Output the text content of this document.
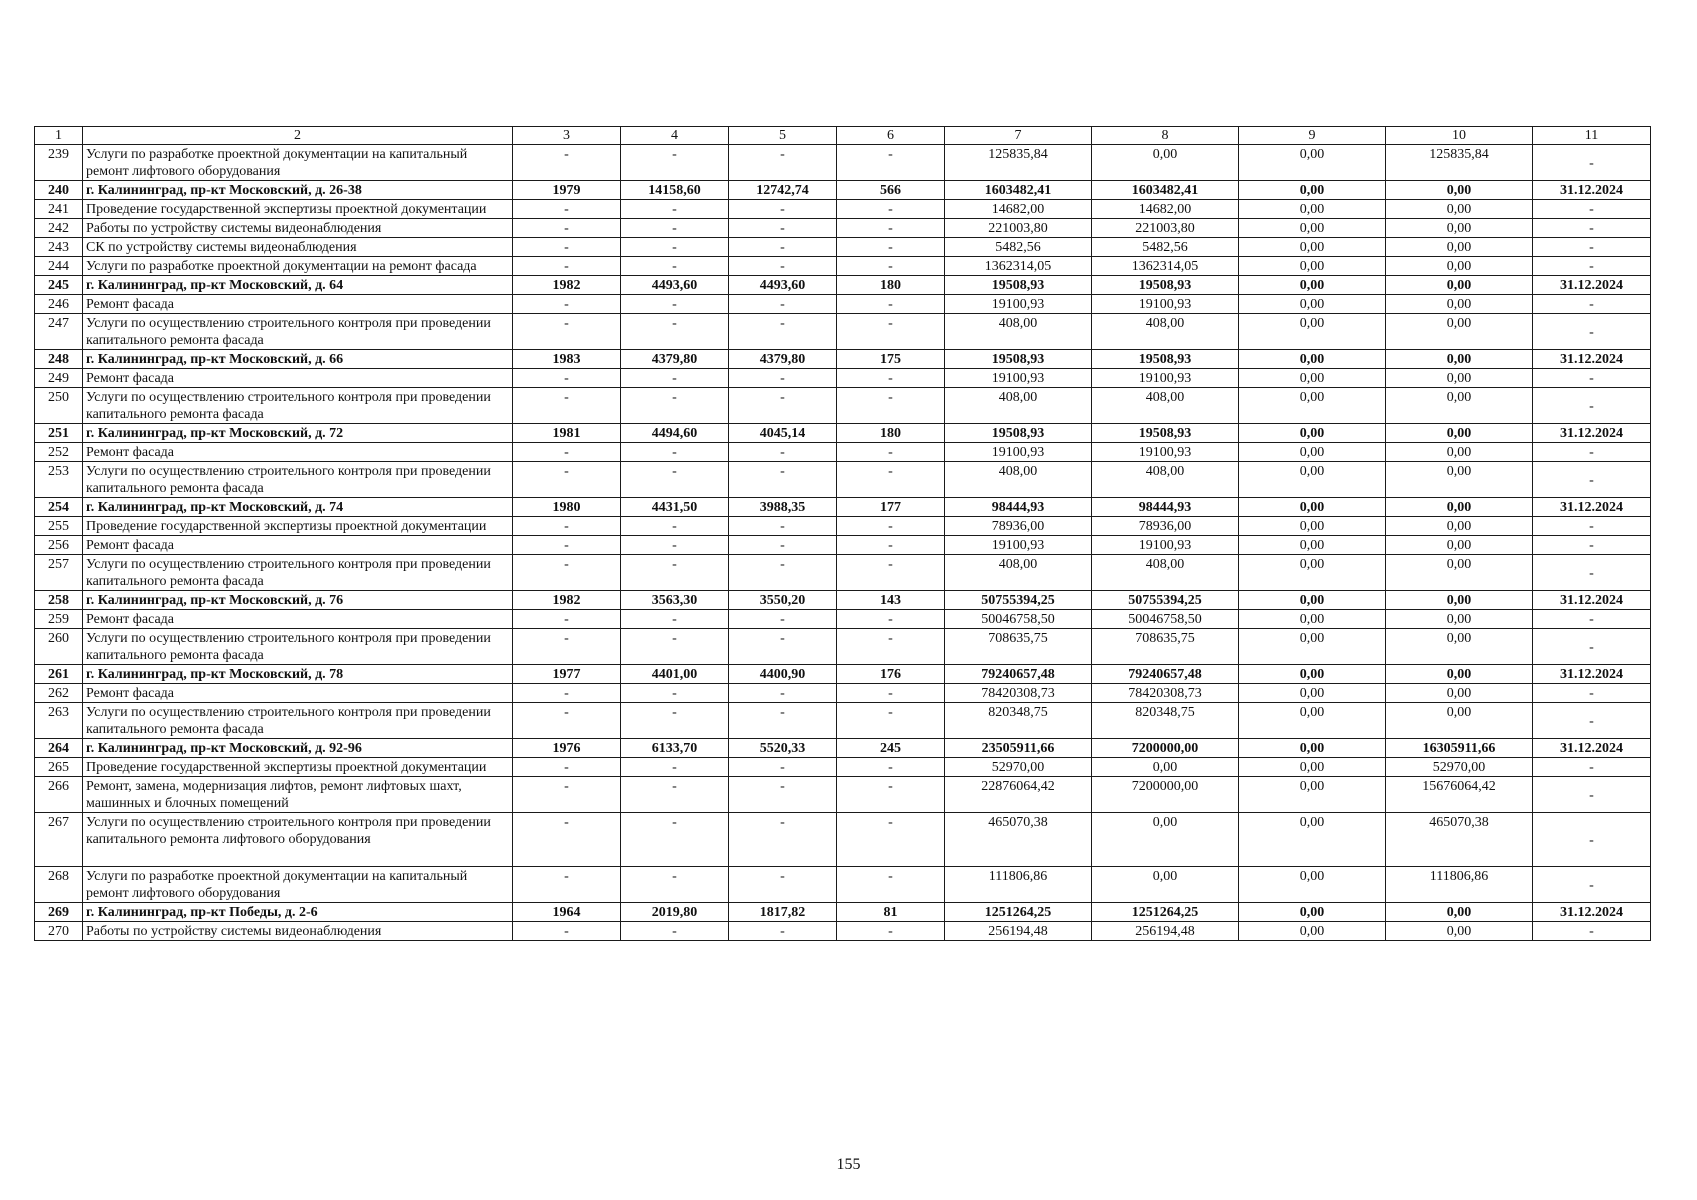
1	2	3	4	5	6	7	8	9	10	11
239	Услуги по разработке проектной документации на капитальный ремонт лифтового оборудования	-	-	-	-	125835,84	0,00	0,00	125835,84	-
240	г. Калининград, пр-кт Московский, д. 26-38	1979	14158,60	12742,74	566	1603482,41	1603482,41	0,00	0,00	31.12.2024
241	Проведение государственной экспертизы проектной документации	-	-	-	-	14682,00	14682,00	0,00	0,00	-
242	Работы по устройству системы видеонаблюдения	-	-	-	-	221003,80	221003,80	0,00	0,00	-
243	СК по устройству системы видеонаблюдения	-	-	-	-	5482,56	5482,56	0,00	0,00	-
244	Услуги по разработке проектной документации на ремонт фасада	-	-	-	-	1362314,05	1362314,05	0,00	0,00	-
245	г. Калининград, пр-кт Московский, д. 64	1982	4493,60	4493,60	180	19508,93	19508,93	0,00	0,00	31.12.2024
246	Ремонт фасада	-	-	-	-	19100,93	19100,93	0,00	0,00	-
247	Услуги по осуществлению строительного контроля при проведении капитального ремонта фасада	-	-	-	-	408,00	408,00	0,00	0,00	-
248	г. Калининград, пр-кт Московский, д. 66	1983	4379,80	4379,80	175	19508,93	19508,93	0,00	0,00	31.12.2024
249	Ремонт фасада	-	-	-	-	19100,93	19100,93	0,00	0,00	-
250	Услуги по осуществлению строительного контроля при проведении капитального ремонта фасада	-	-	-	-	408,00	408,00	0,00	0,00	-
251	г. Калининград, пр-кт Московский, д. 72	1981	4494,60	4045,14	180	19508,93	19508,93	0,00	0,00	31.12.2024
252	Ремонт фасада	-	-	-	-	19100,93	19100,93	0,00	0,00	-
253	Услуги по осуществлению строительного контроля при проведении капитального ремонта фасада	-	-	-	-	408,00	408,00	0,00	0,00	-
254	г. Калининград, пр-кт Московский, д. 74	1980	4431,50	3988,35	177	98444,93	98444,93	0,00	0,00	31.12.2024
255	Проведение государственной экспертизы проектной документации	-	-	-	-	78936,00	78936,00	0,00	0,00	-
256	Ремонт фасада	-	-	-	-	19100,93	19100,93	0,00	0,00	-
257	Услуги по осуществлению строительного контроля при проведении капитального ремонта фасада	-	-	-	-	408,00	408,00	0,00	0,00	-
258	г. Калининград, пр-кт Московский, д. 76	1982	3563,30	3550,20	143	50755394,25	50755394,25	0,00	0,00	31.12.2024
259	Ремонт фасада	-	-	-	-	50046758,50	50046758,50	0,00	0,00	-
260	Услуги по осуществлению строительного контроля при проведении капитального ремонта фасада	-	-	-	-	708635,75	708635,75	0,00	0,00	-
261	г. Калининград, пр-кт Московский, д. 78	1977	4401,00	4400,90	176	79240657,48	79240657,48	0,00	0,00	31.12.2024
262	Ремонт фасада	-	-	-	-	78420308,73	78420308,73	0,00	0,00	-
263	Услуги по осуществлению строительного контроля при проведении капитального ремонта фасада	-	-	-	-	820348,75	820348,75	0,00	0,00	-
264	г. Калининград, пр-кт Московский, д. 92-96	1976	6133,70	5520,33	245	23505911,66	7200000,00	0,00	16305911,66	31.12.2024
265	Проведение государственной экспертизы проектной документации	-	-	-	-	52970,00	0,00	0,00	52970,00	-
266	Ремонт, замена, модернизация лифтов, ремонт лифтовых шахт, машинных и блочных помещений	-	-	-	-	22876064,42	7200000,00	0,00	15676064,42	-
267	Услуги по осуществлению строительного контроля при проведении капитального ремонта лифтового оборудования	-	-	-	-	465070,38	0,00	0,00	465070,38	-
268	Услуги по разработке проектной документации на капитальный ремонт лифтового оборудования	-	-	-	-	111806,86	0,00	0,00	111806,86	-
269	г. Калининград, пр-кт Победы, д. 2-6	1964	2019,80	1817,82	81	1251264,25	1251264,25	0,00	0,00	31.12.2024
270	Работы по устройству системы видеонаблюдения	-	-	-	-	256194,48	256194,48	0,00	0,00	-
155
